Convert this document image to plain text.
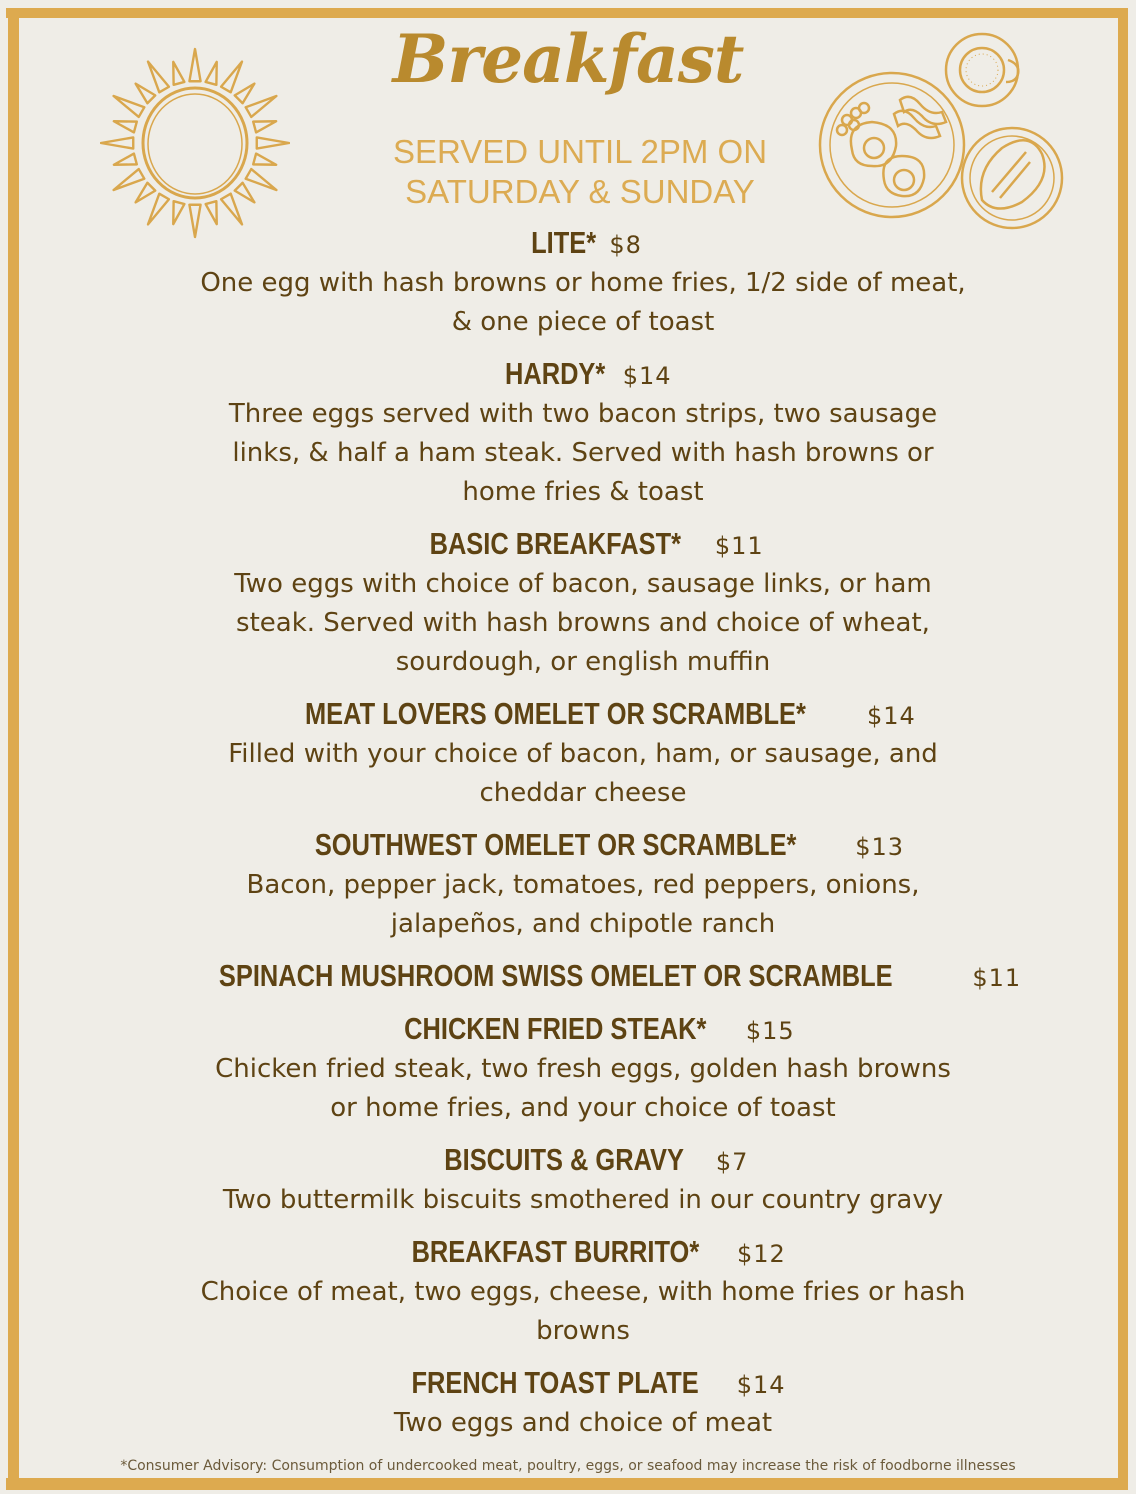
Breakfast
SERVED UNTIL 2PM ON
SATURDAY & SUNDAY
LITE* $8
One egg with hash browns or home fries, 1/2 side of meat,
& one piece of toast
HARDY* $14
Three eggs served with two bacon strips, two sausage
links, & half a ham steak. Served with hash browns or
home fries & toast
BASIC BREAKFAST* $11
Two eggs with choice of bacon, sausage links, or ham
steak. Served with hash browns and choice of wheat,
sourdough, or english muffin
MEAT LOVERS OMELET OR SCRAMBLE*	$14
Filled with your choice of bacon, ham, or sausage, and
cheddar cheese
SOUTHWEST OMELET OR SCRAMBLE* $13
Bacon, pepper jack, tomatoes, red peppers, onions,
jalapeños, and chipotle ranch
SPINACH MUSHROOM SWISS OMELET OR SCRAMBLE	$11
CHICKEN FRIED STEAK* $15
Chicken fried steak, two fresh eggs, golden hash browns
or home fries, and your choice of toast
BISCUITS & GRAVY $7
Two buttermilk biscuits smothered in our country gravy
BREAKFAST BURRITO* $12
Choice of meat, two eggs, cheese, with home fries or hash
browns
FRENCH TOAST PLATE $14
Two eggs and choice of meat
*Consumer Advisory: Consumption of undercooked meat, poultry, eggs, or seafood may increase the risk of foodborne illnesses
